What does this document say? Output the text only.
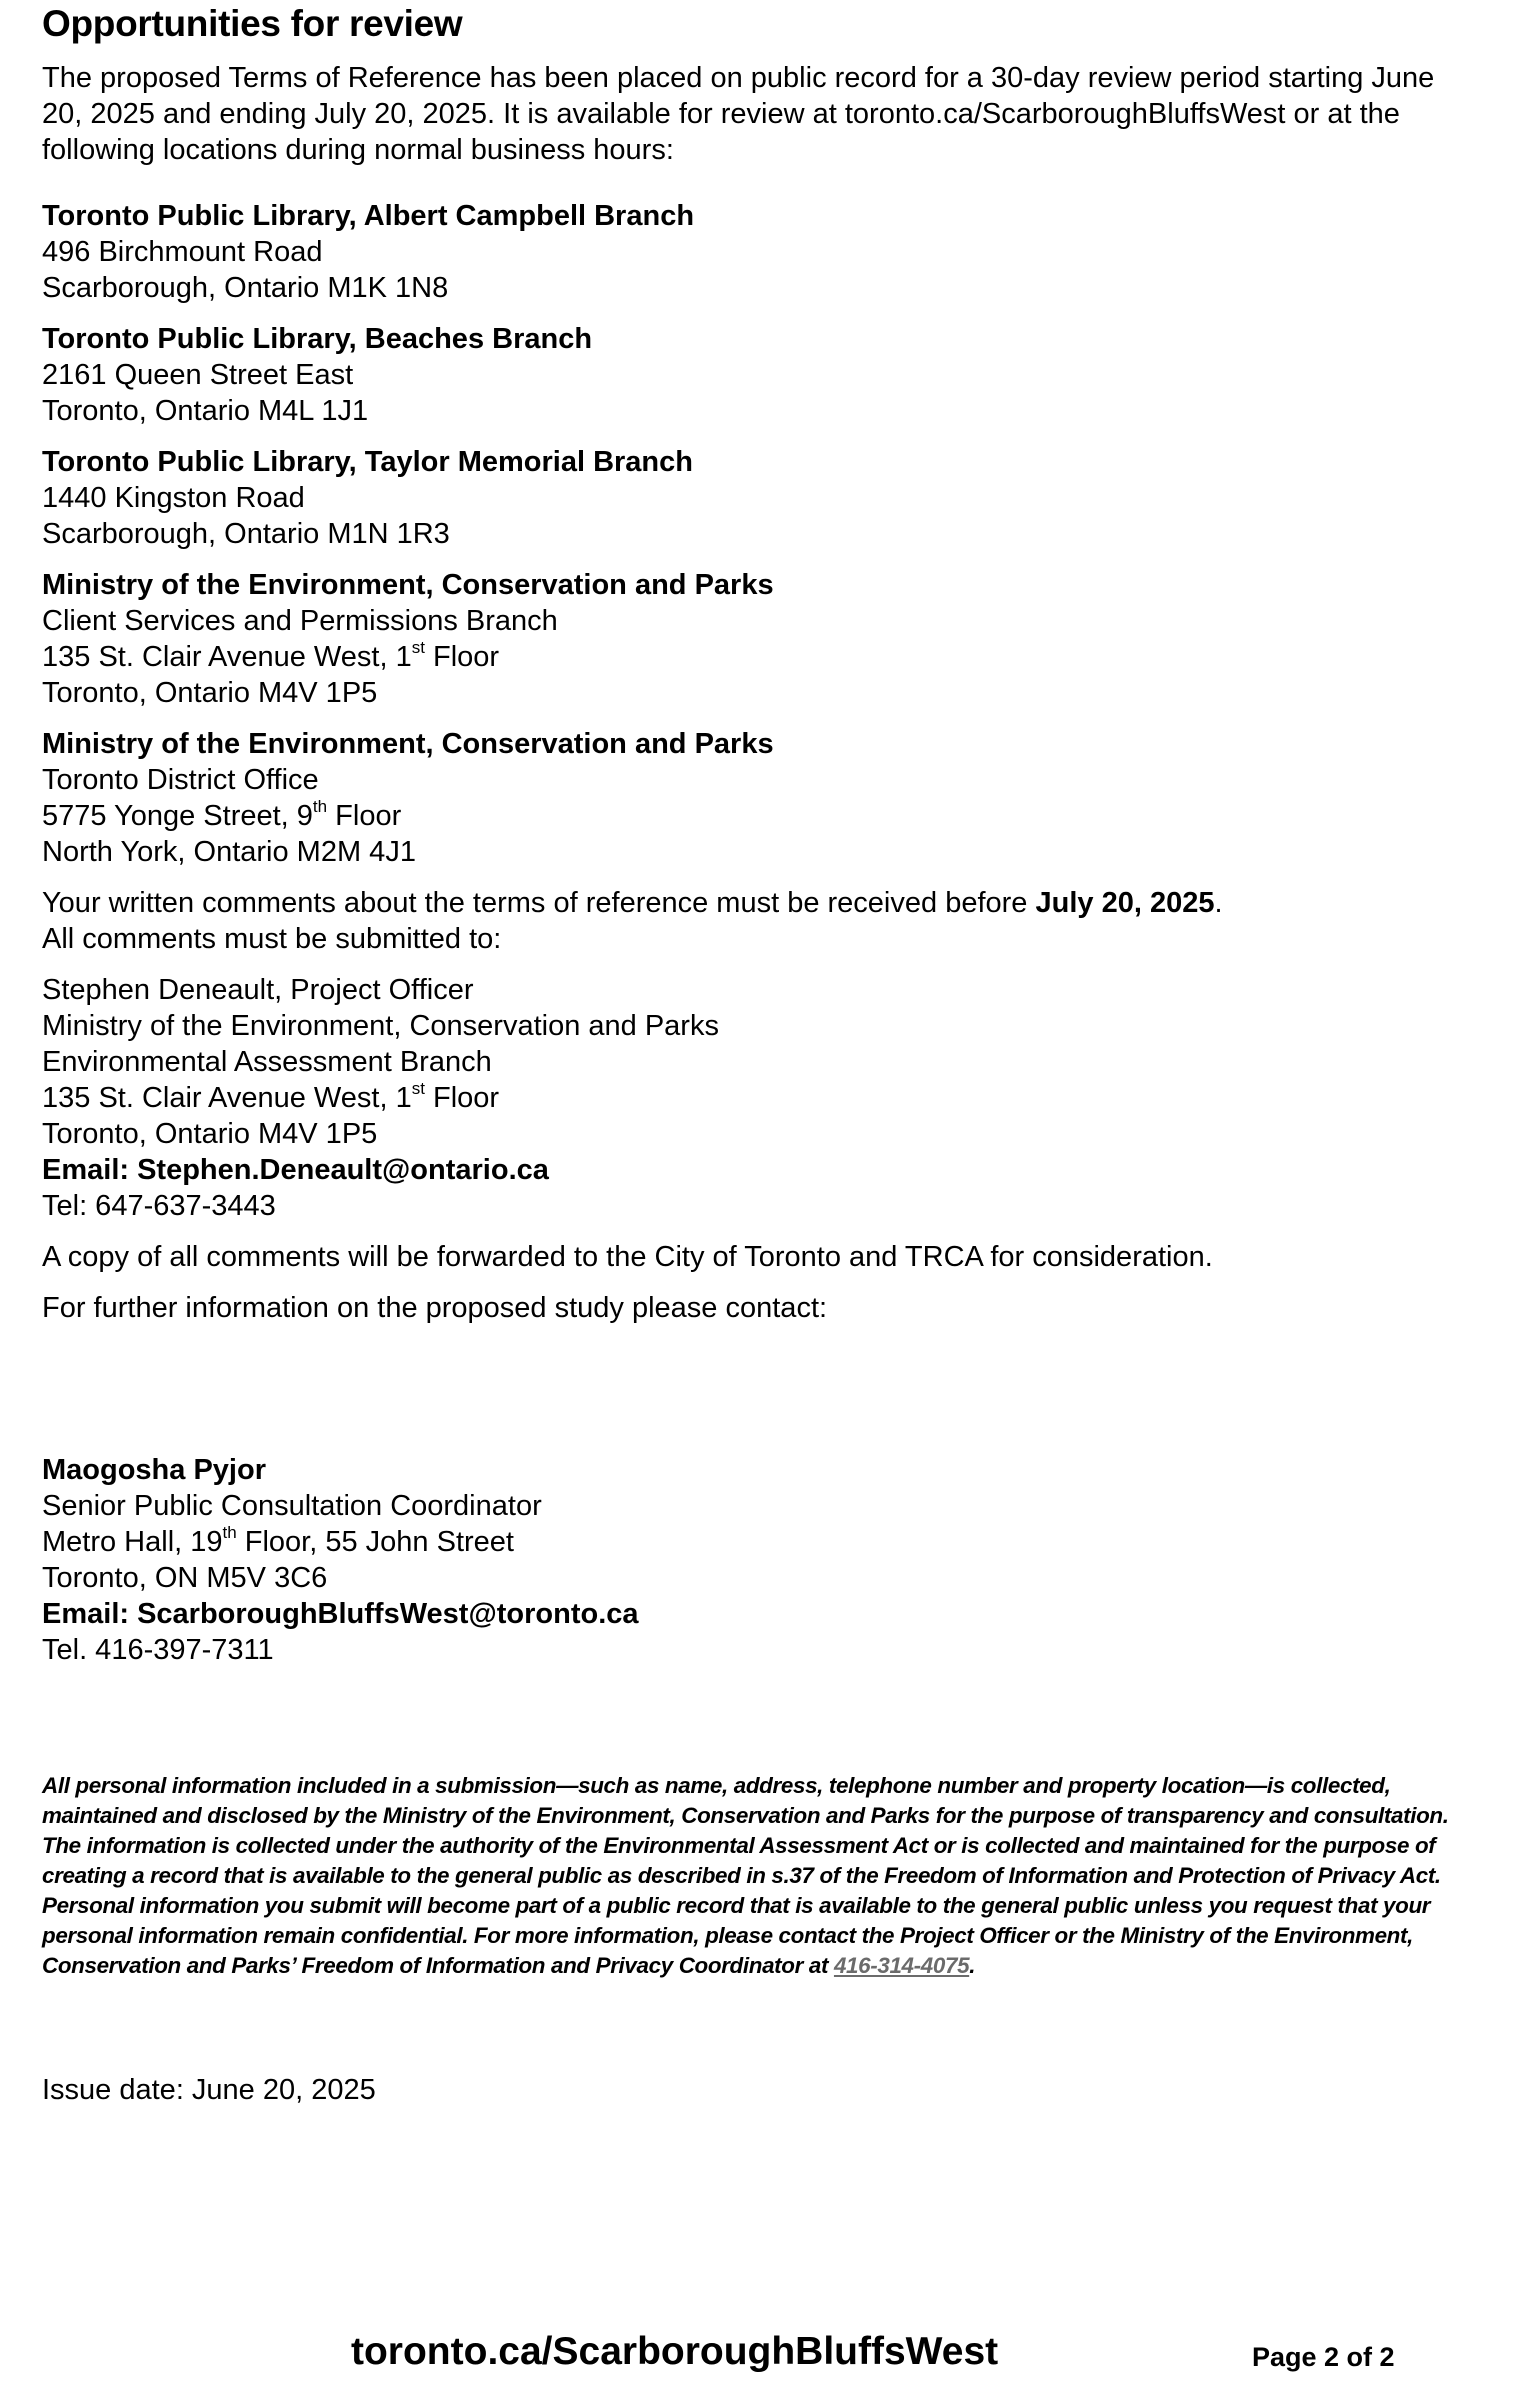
Opportunities for review
The proposed Terms of Reference has been placed on public record for a 30-day review period starting June 20, 2025 and ending July 20, 2025. It is available for review at toronto.ca/ScarboroughBluffsWest or at the following locations during normal business hours:
Toronto Public Library, Albert Campbell Branch
496 Birchmount Road
Scarborough, Ontario M1K 1N8
Toronto Public Library, Beaches Branch
2161 Queen Street East
Toronto, Ontario M4L 1J1
Toronto Public Library, Taylor Memorial Branch
1440 Kingston Road
Scarborough, Ontario M1N 1R3
Ministry of the Environment, Conservation and Parks
Client Services and Permissions Branch
135 St. Clair Avenue West, 1st Floor
Toronto, Ontario M4V 1P5
Ministry of the Environment, Conservation and Parks
Toronto District Office
5775 Yonge Street, 9th Floor
North York, Ontario M2M 4J1
Your written comments about the terms of reference must be received before July 20, 2025.
All comments must be submitted to:
Stephen Deneault, Project Officer
Ministry of the Environment, Conservation and Parks
Environmental Assessment Branch
135 St. Clair Avenue West, 1st Floor
Toronto, Ontario M4V 1P5
Email: Stephen.Deneault@ontario.ca
Tel: 647-637-3443
A copy of all comments will be forwarded to the City of Toronto and TRCA for consideration.
For further information on the proposed study please contact:
Maogosha Pyjor
Senior Public Consultation Coordinator
Metro Hall, 19th Floor, 55 John Street
Toronto, ON M5V 3C6
Email: ScarboroughBluffsWest@toronto.ca
Tel. 416-397-7311
All personal information included in a submission—such as name, address, telephone number and property location—is collected, maintained and disclosed by the Ministry of the Environment, Conservation and Parks for the purpose of transparency and consultation. The information is collected under the authority of the Environmental Assessment Act or is collected and maintained for the purpose of creating a record that is available to the general public as described in s.37 of the Freedom of Information and Protection of Privacy Act. Personal information you submit will become part of a public record that is available to the general public unless you request that your personal information remain confidential. For more information, please contact the Project Officer or the Ministry of the Environment, Conservation and Parks’ Freedom of Information and Privacy Coordinator at 416-314-4075.
Issue date: June 20, 2025
toronto.ca/ScarboroughBluffsWest	Page 2 of 2
